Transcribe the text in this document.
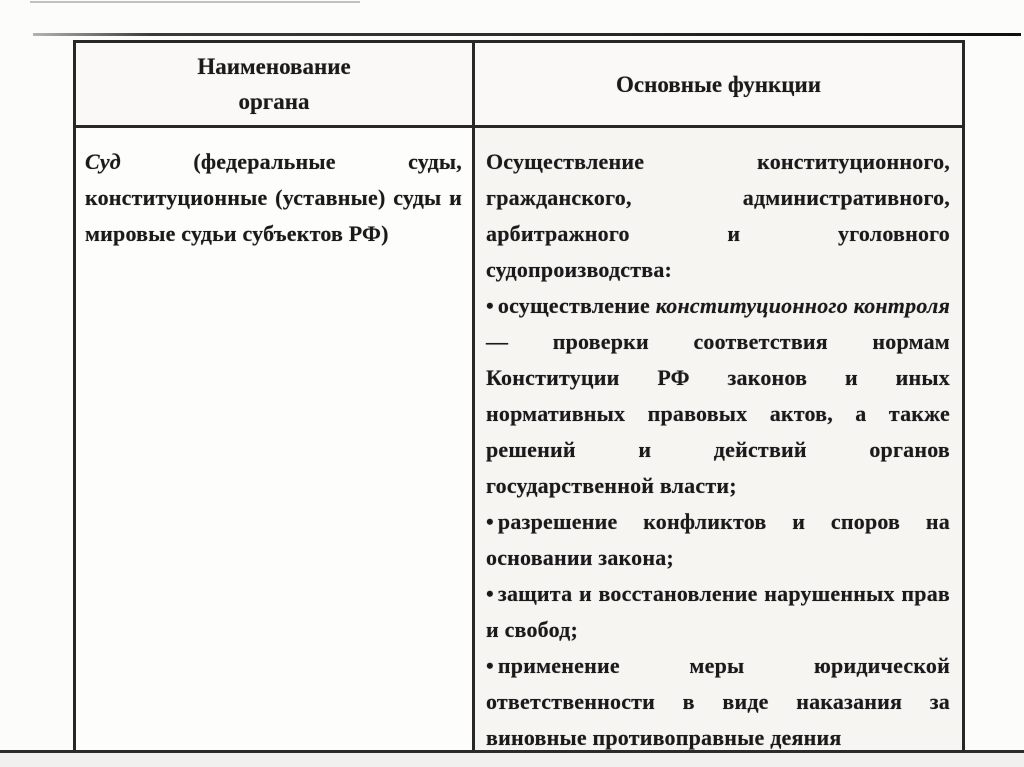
Наименование органа
Основные функции

Суд (федеральные суды, конституционные (уставные) суды и мировые судьи субъектов РФ)

Осуществление конституционного, гражданского, административного, арбитражного и уголовного судопроизводства:

• осуществление конституционного контроля — проверки соответствия нормам Конституции РФ законов и иных нормативных правовых актов, а также решений и действий органов государственной власти;

• разрешение конфликтов и споров на основании закона;

• защита и восстановление нарушенных прав и свобод;

• применение меры юридической ответственности в виде наказания за виновные противоправные деяния
